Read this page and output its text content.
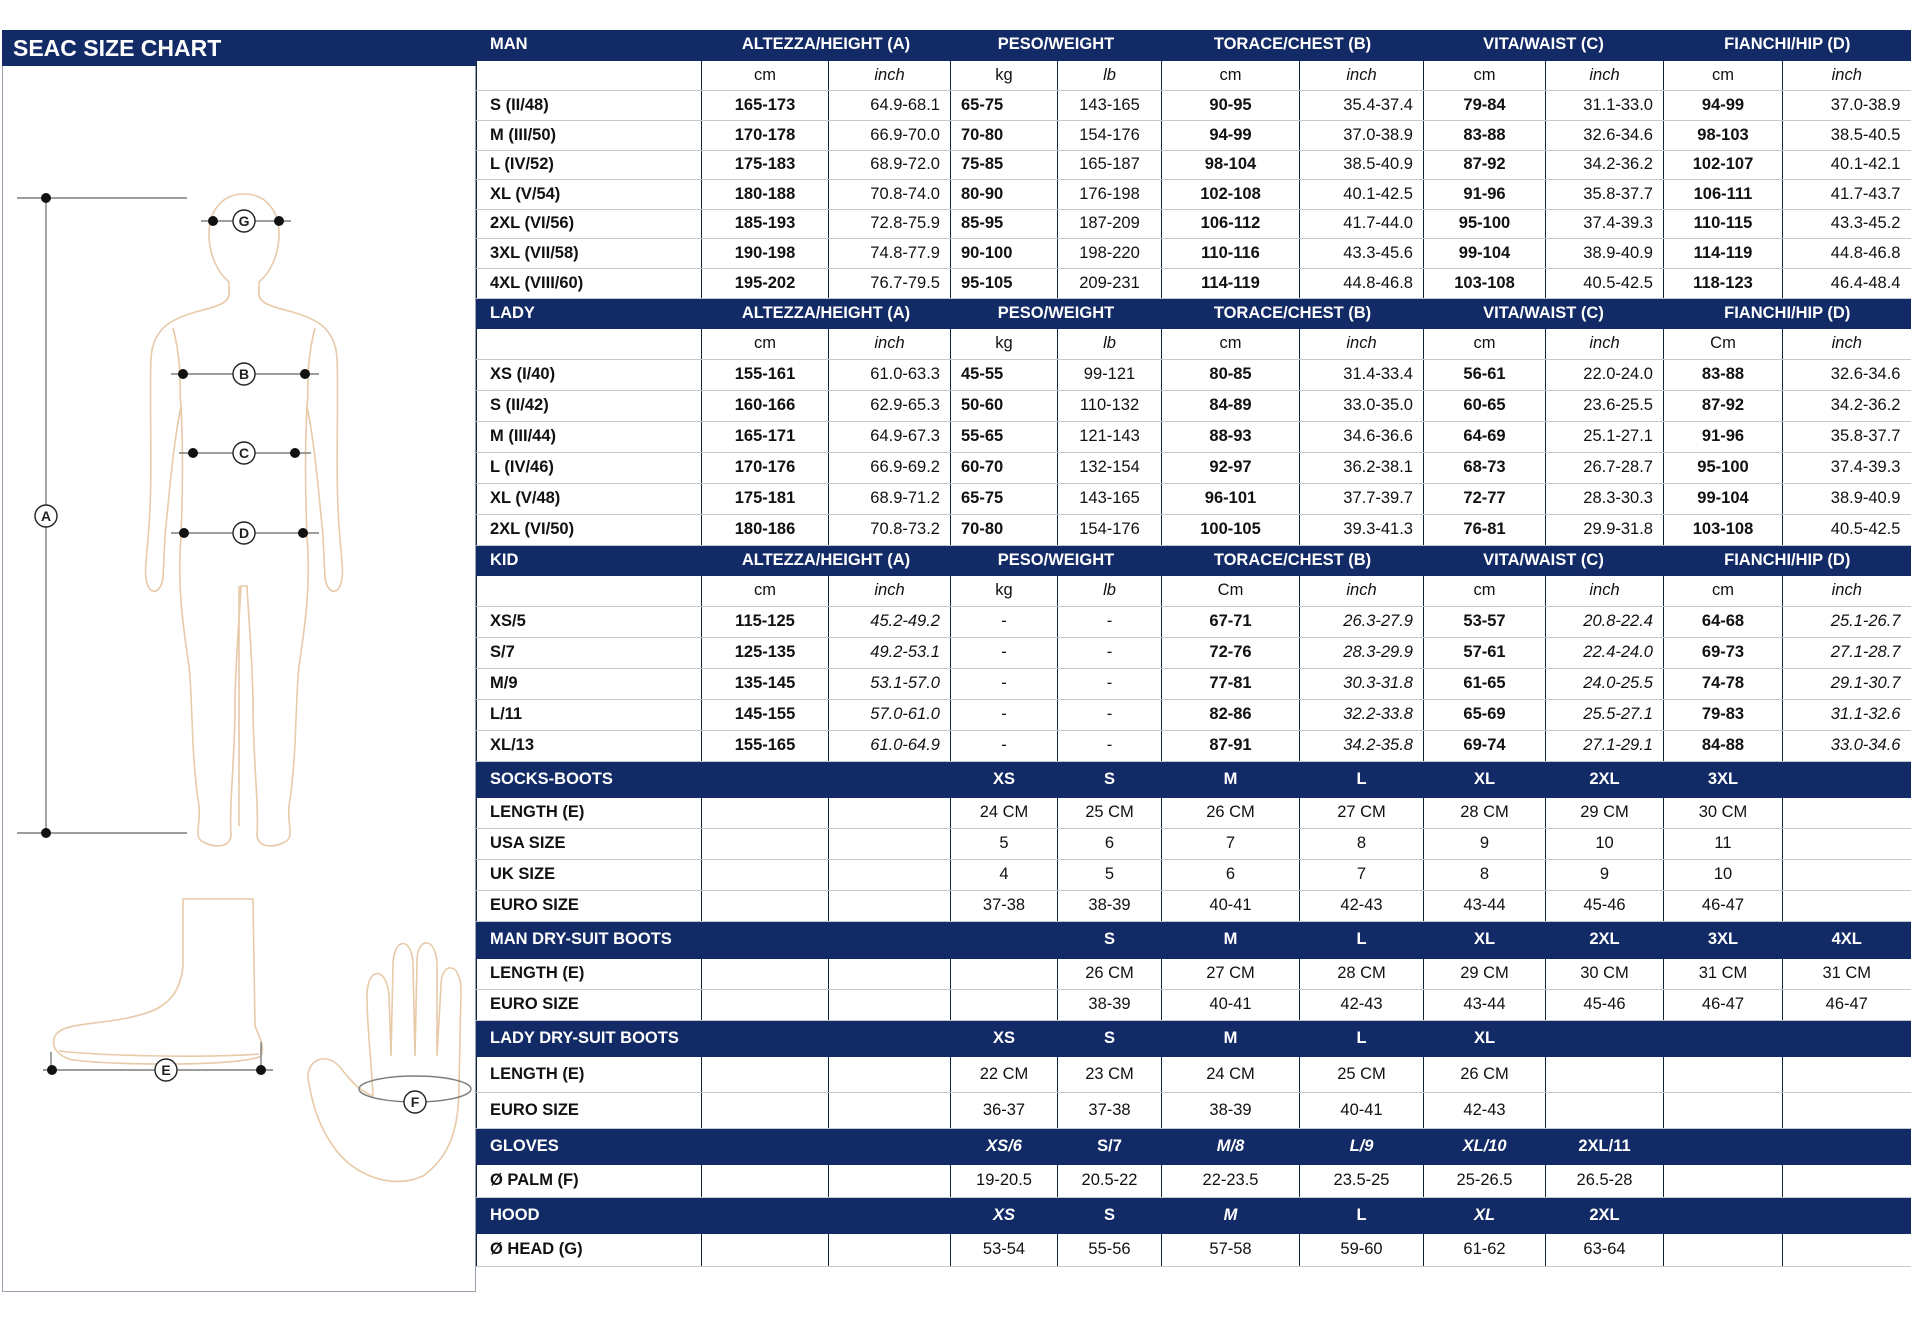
SEAC SIZE CHART
A
G
B
C
D
E
F
MAN	ALTEZZA/HEIGHT (A)		PESO/WEIGHT		TORACE/CHEST (B)		VITA/WAIST (C)		FIANCHI/HIP (D)	
	cm	inch	kg	lb	cm	inch	cm	inch	cm	inch
S (II/48)	165-173	64.9-68.1	65-75	143-165	90-95	35.4-37.4	79-84	31.1-33.0	94-99	37.0-38.9
M (III/50)	170-178	66.9-70.0	70-80	154-176	94-99	37.0-38.9	83-88	32.6-34.6	98-103	38.5-40.5
L (IV/52)	175-183	68.9-72.0	75-85	165-187	98-104	38.5-40.9	87-92	34.2-36.2	102-107	40.1-42.1
XL (V/54)	180-188	70.8-74.0	80-90	176-198	102-108	40.1-42.5	91-96	35.8-37.7	106-111	41.7-43.7
2XL (VI/56)	185-193	72.8-75.9	85-95	187-209	106-112	41.7-44.0	95-100	37.4-39.3	110-115	43.3-45.2
3XL (VII/58)	190-198	74.8-77.9	90-100	198-220	110-116	43.3-45.6	99-104	38.9-40.9	114-119	44.8-46.8
4XL (VIII/60)	195-202	76.7-79.5	95-105	209-231	114-119	44.8-46.8	103-108	40.5-42.5	118-123	46.4-48.4
LADY	ALTEZZA/HEIGHT (A)		PESO/WEIGHT		TORACE/CHEST (B)		VITA/WAIST (C)		FIANCHI/HIP (D)	
	cm	inch	kg	lb	cm	inch	cm	inch	Cm	inch
XS (I/40)	155-161	61.0-63.3	45-55	99-121	80-85	31.4-33.4	56-61	22.0-24.0	83-88	32.6-34.6
S (II/42)	160-166	62.9-65.3	50-60	110-132	84-89	33.0-35.0	60-65	23.6-25.5	87-92	34.2-36.2
M (III/44)	165-171	64.9-67.3	55-65	121-143	88-93	34.6-36.6	64-69	25.1-27.1	91-96	35.8-37.7
L (IV/46)	170-176	66.9-69.2	60-70	132-154	92-97	36.2-38.1	68-73	26.7-28.7	95-100	37.4-39.3
XL (V/48)	175-181	68.9-71.2	65-75	143-165	96-101	37.7-39.7	72-77	28.3-30.3	99-104	38.9-40.9
2XL (VI/50)	180-186	70.8-73.2	70-80	154-176	100-105	39.3-41.3	76-81	29.9-31.8	103-108	40.5-42.5
KID	ALTEZZA/HEIGHT (A)		PESO/WEIGHT		TORACE/CHEST (B)		VITA/WAIST (C)		FIANCHI/HIP (D)	
	cm	inch	kg	lb	Cm	inch	cm	inch	cm	inch
XS/5	115-125	45.2-49.2	-	-	67-71	26.3-27.9	53-57	20.8-22.4	64-68	25.1-26.7
S/7	125-135	49.2-53.1	-	-	72-76	28.3-29.9	57-61	22.4-24.0	69-73	27.1-28.7
M/9	135-145	53.1-57.0	-	-	77-81	30.3-31.8	61-65	24.0-25.5	74-78	29.1-30.7
L/11	145-155	57.0-61.0	-	-	82-86	32.2-33.8	65-69	25.5-27.1	79-83	31.1-32.6
XL/13	155-165	61.0-64.9	-	-	87-91	34.2-35.8	69-74	27.1-29.1	84-88	33.0-34.6
SOCKS-BOOTS			XS	S	M	L	XL	2XL	3XL	
LENGTH (E)			24 CM	25 CM	26 CM	27 CM	28 CM	29 CM	30 CM	
USA SIZE			5	6	7	8	9	10	11	
UK SIZE			4	5	6	7	8	9	10	
EURO SIZE			37-38	38-39	40-41	42-43	43-44	45-46	46-47	
MAN DRY-SUIT BOOTS				S	M	L	XL	2XL	3XL	4XL
LENGTH (E)				26 CM	27 CM	28 CM	29 CM	30 CM	31 CM	31 CM
EURO SIZE				38-39	40-41	42-43	43-44	45-46	46-47	46-47
LADY DRY-SUIT BOOTS			XS	S	M	L	XL			
LENGTH (E)			22 CM	23 CM	24 CM	25 CM	26 CM			
EURO SIZE			36-37	37-38	38-39	40-41	42-43			
GLOVES			XS/6	S/7	M/8	L/9	XL/10	2XL/11		
Ø PALM (F)			19-20.5	20.5-22	22-23.5	23.5-25	25-26.5	26.5-28		
HOOD			XS	S	M	L	XL	2XL		
Ø HEAD (G)			53-54	55-56	57-58	59-60	61-62	63-64		
